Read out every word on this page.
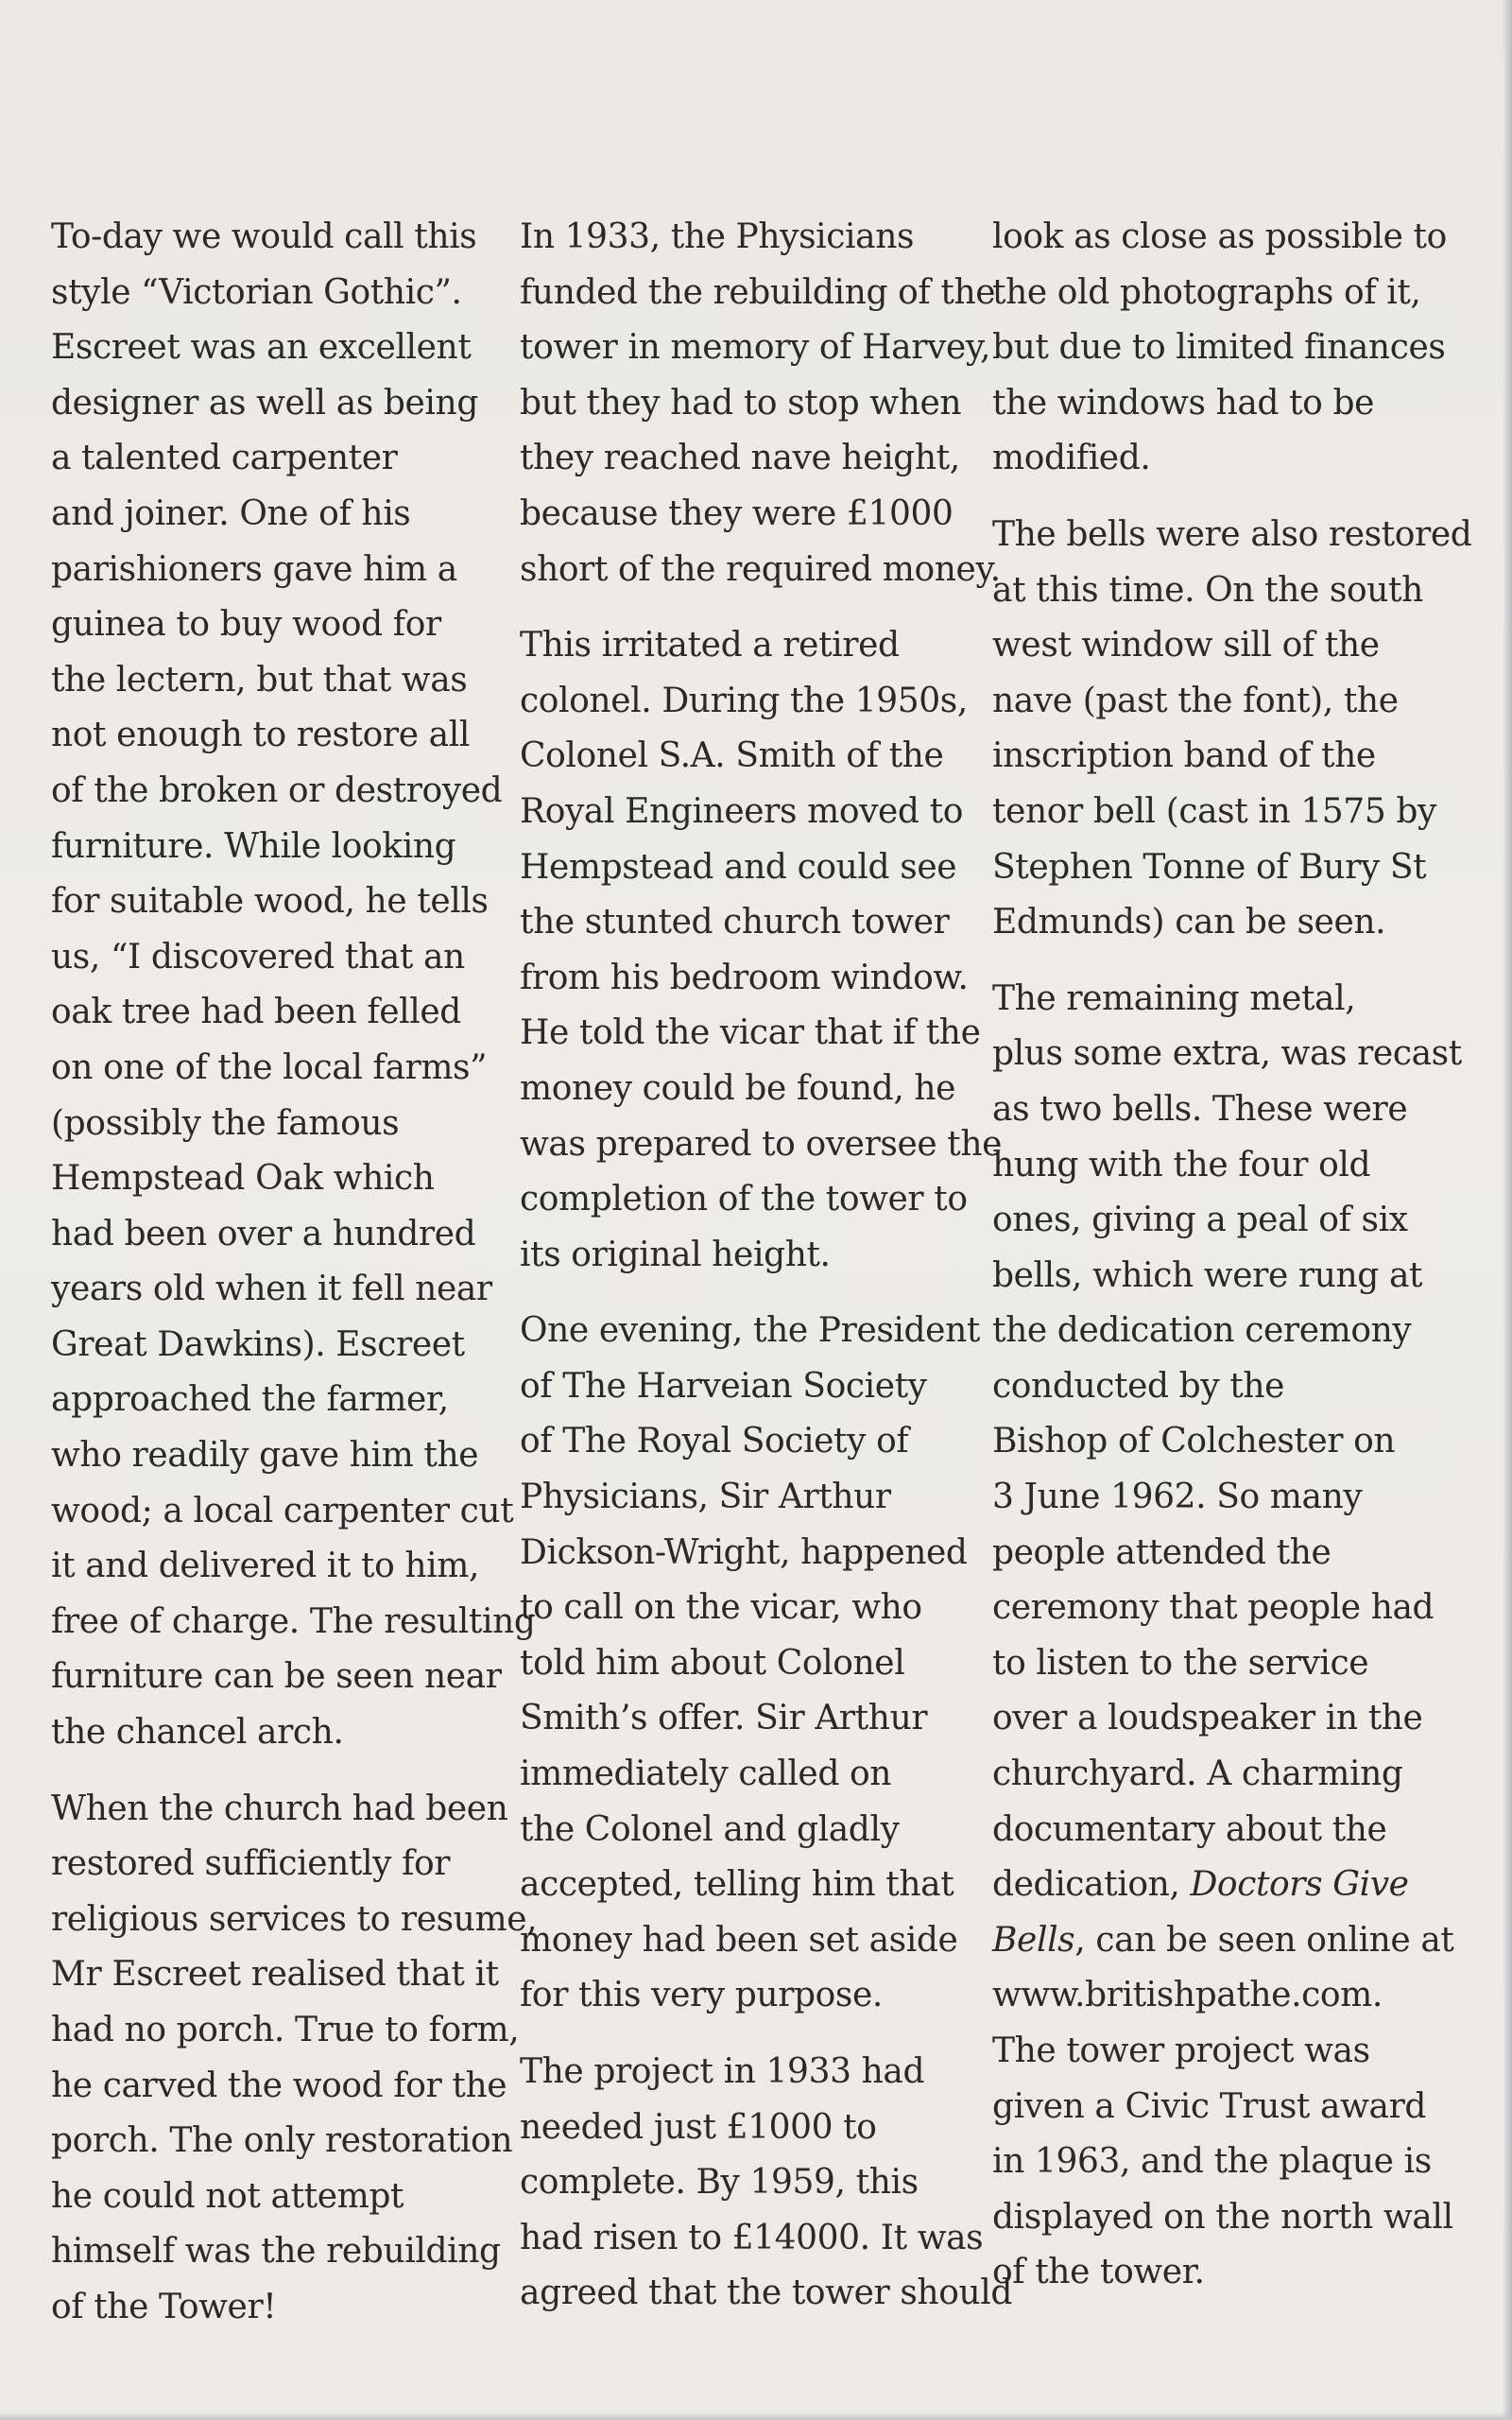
To-day we would call this
style “Victorian Gothic”.
Escreet was an excellent
designer as well as being
a talented carpenter
and joiner. One of his
parishioners gave him a
guinea to buy wood for
the lectern, but that was
not enough to restore all
of the broken or destroyed
furniture. While looking
for suitable wood, he tells
us, “I discovered that an
oak tree had been felled
on one of the local farms”
(possibly the famous
Hempstead Oak which
had been over a hundred
years old when it fell near
Great Dawkins). Escreet
approached the farmer,
who readily gave him the
wood; a local carpenter cut
it and delivered it to him,
free of charge. The resulting
furniture can be seen near
the chancel arch.

When the church had been
restored sufficiently for
religious services to resume,
Mr Escreet realised that it
had no porch. True to form,
he carved the wood for the
porch. The only restoration
he could not attempt
himself was the rebuilding
of the Tower!

In 1933, the Physicians
funded the rebuilding of the
tower in memory of Harvey,
but they had to stop when
they reached nave height,
because they were £1000
short of the required money.

This irritated a retired
colonel. During the 1950s,
Colonel S.A. Smith of the
Royal Engineers moved to
Hempstead and could see
the stunted church tower
from his bedroom window.
He told the vicar that if the
money could be found, he
was prepared to oversee the
completion of the tower to
its original height.

One evening, the President
of The Harveian Society
of The Royal Society of
Physicians, Sir Arthur
Dickson-Wright, happened
to call on the vicar, who
told him about Colonel
Smith’s offer. Sir Arthur
immediately called on
the Colonel and gladly
accepted, telling him that
money had been set aside
for this very purpose.

The project in 1933 had
needed just £1000 to
complete. By 1959, this
had risen to £14000. It was
agreed that the tower should

look as close as possible to
the old photographs of it,
but due to limited finances
the windows had to be
modified.

The bells were also restored
at this time. On the south
west window sill of the
nave (past the font), the
inscription band of the
tenor bell (cast in 1575 by
Stephen Tonne of Bury St
Edmunds) can be seen.

The remaining metal,
plus some extra, was recast
as two bells. These were
hung with the four old
ones, giving a peal of six
bells, which were rung at
the dedication ceremony
conducted by the
Bishop of Colchester on
3 June 1962. So many
people attended the
ceremony that people had
to listen to the service
over a loudspeaker in the
churchyard. A charming
documentary about the
dedication, Doctors Give
Bells, can be seen online at
www.britishpathe.com.
The tower project was
given a Civic Trust award
in 1963, and the plaque is
displayed on the north wall
of the tower.
